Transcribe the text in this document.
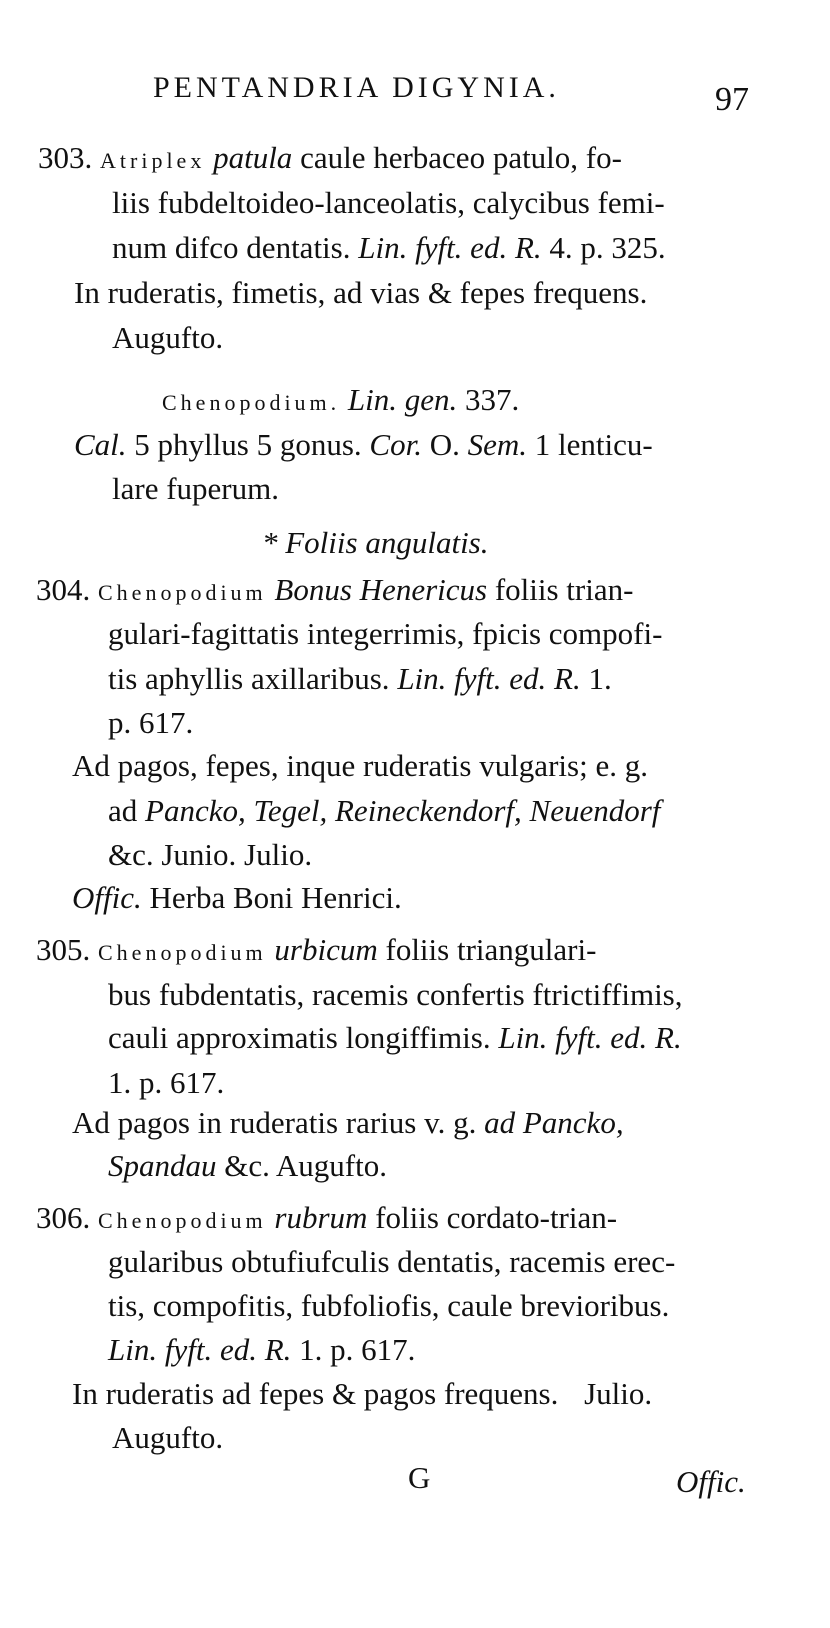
PENTANDRIA DIGYNIA.	97
303. Atriplex patula caule herbaceo patulo, fo-
liis fubdeltoideo-lanceolatis, calycibus femi-
num difco dentatis. Lin. fyft. ed. R. 4. p. 325.
In ruderatis, fimetis, ad vias & fepes frequens.
Augufto.
Chenopodium. Lin. gen. 337.
Cal. 5 phyllus 5 gonus. Cor. O. Sem. 1 lenticu-
lare fuperum.
* Foliis angulatis.
304. Chenopodium Bonus Henericus foliis trian-
gulari-fagittatis integerrimis, fpicis compofi-
tis aphyllis axillaribus. Lin. fyft. ed. R. 1.
p. 617.
Ad pagos, fepes, inque ruderatis vulgaris; e. g.
ad Pancko, Tegel, Reineckendorf, Neuendorf
&c. Junio. Julio.
Offic. Herba Boni Henrici.
305. Chenopodium urbicum foliis triangulari-
bus fubdentatis, racemis confertis ftrictiffimis,
cauli approximatis longiffimis. Lin. fyft. ed. R.
1. p. 617.
Ad pagos in ruderatis rarius v. g. ad Pancko,
Spandau &c. Augufto.
306. Chenopodium rubrum foliis cordato-trian-
gularibus obtufiufculis dentatis, racemis erec-
tis, compofitis, fubfoliofis, caule brevioribus.
Lin. fyft. ed. R. 1. p. 617.
In ruderatis ad fepes & pagos frequens. Julio.
Augufto.
G	Offic.
